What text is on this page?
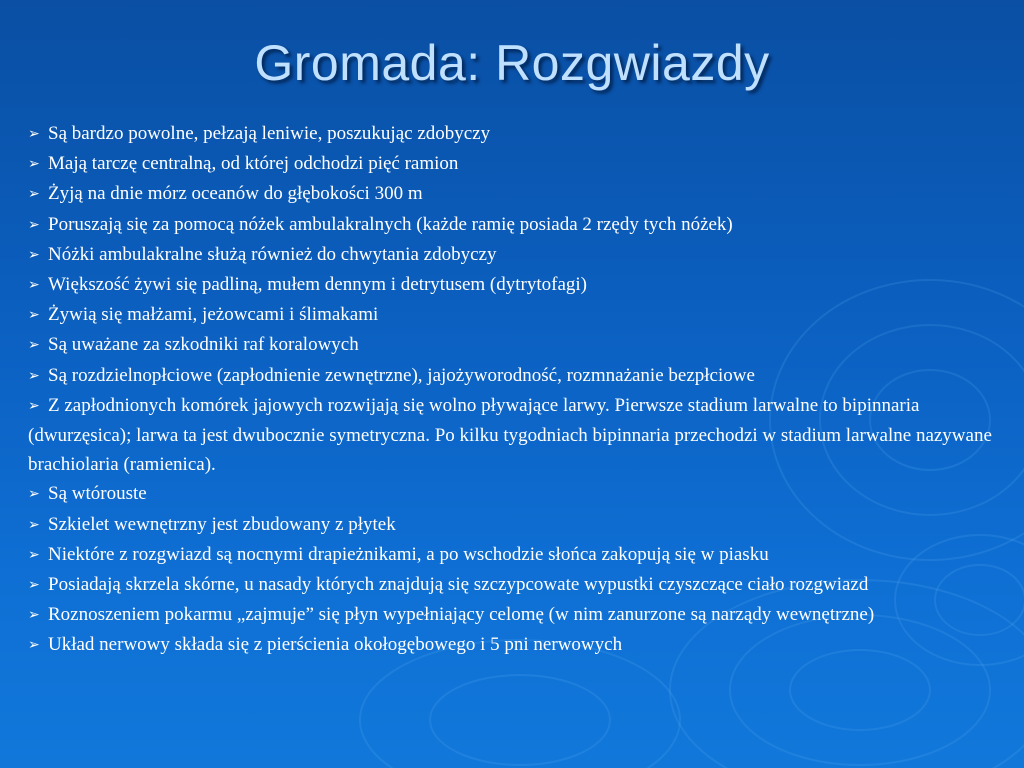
Gromada: Rozgwiazdy
➢ Są bardzo powolne, pełzają leniwie, poszukując zdobyczy
➢ Mają tarczę centralną, od której odchodzi pięć ramion
➢ Żyją na dnie mórz oceanów do głębokości 300 m
➢ Poruszają się za pomocą nóżek ambulakralnych (każde ramię posiada 2 rzędy tych nóżek)
➢ Nóżki ambulakralne służą również do chwytania zdobyczy
➢ Większość żywi się padliną, mułem dennym i detrytusem (dytrytofagi)
➢ Żywią się małżami, jeżowcami i ślimakami
➢ Są uważane za szkodniki raf koralowych
➢ Są rozdzielnopłciowe (zapłodnienie zewnętrzne), jajożyworodność, rozmnażanie bezpłciowe
➢ Z zapłodnionych komórek jajowych rozwijają się wolno pływające larwy. Pierwsze stadium larwalne to bipinnaria (dwurzęsica); larwa ta jest dwubocznie symetryczna. Po kilku tygodniach bipinnaria przechodzi w stadium larwalne nazywane brachiolaria (ramienica).
➢ Są wtórouste
➢ Szkielet wewnętrzny jest zbudowany z płytek
➢ Niektóre z rozgwiazd są nocnymi drapieżnikami, a po wschodzie słońca zakopują się w piasku
➢ Posiadają skrzela skórne, u nasady których znajdują się szczypcowate wypustki czyszczące ciało rozgwiazd
➢ Roznoszeniem pokarmu „zajmuje” się płyn wypełniający celomę (w nim zanurzone są narządy wewnętrzne)
➢ Układ nerwowy składa się z pierścienia okołogębowego i 5 pni nerwowych
